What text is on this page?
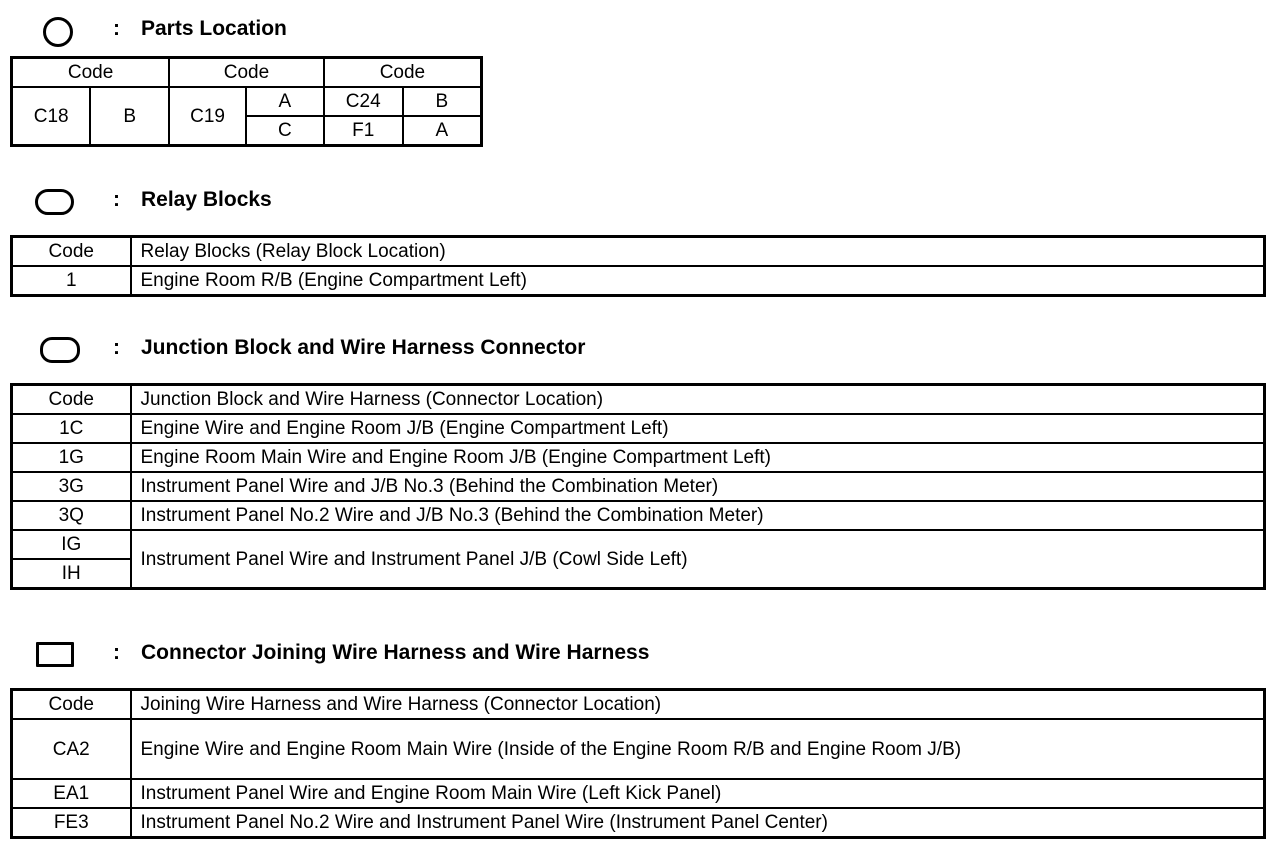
: Parts Location
Code		Code		Code	
C18	B	C19	A	C24	B
			C	F1	A
: Relay Blocks
Code	Relay Blocks (Relay Block Location)
1	Engine Room R/B (Engine Compartment Left)
: Junction Block and Wire Harness Connector
Code	Junction Block and Wire Harness (Connector Location)
1C	Engine Wire and Engine Room J/B (Engine Compartment Left)
1G	Engine Room Main Wire and Engine Room J/B (Engine Compartment Left)
3G	Instrument Panel Wire and J/B No.3 (Behind the Combination Meter)
3Q	Instrument Panel No.2 Wire and J/B No.3 (Behind the Combination Meter)
IG	Instrument Panel Wire and Instrument Panel J/B (Cowl Side Left)
IH	
: Connector Joining Wire Harness and Wire Harness
Code	Joining Wire Harness and Wire Harness (Connector Location)
CA2	Engine Wire and Engine Room Main Wire (Inside of the Engine Room R/B and Engine Room J/B)
EA1	Instrument Panel Wire and Engine Room Main Wire (Left Kick Panel)
FE3	Instrument Panel No.2 Wire and Instrument Panel Wire (Instrument Panel Center)
